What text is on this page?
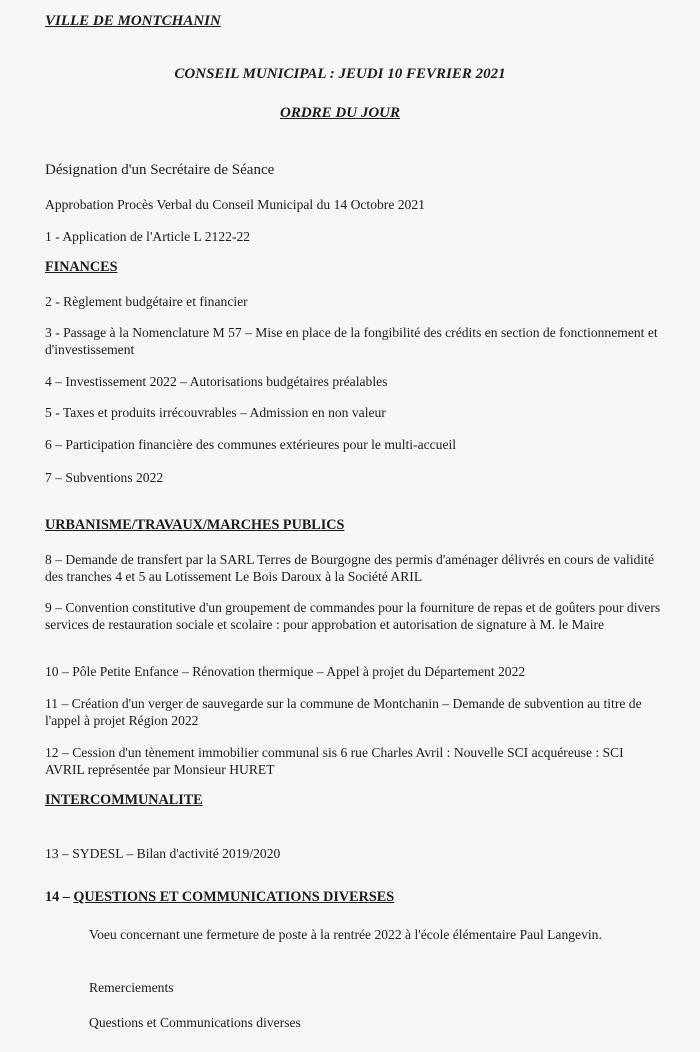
VILLE DE MONTCHANIN
CONSEIL MUNICIPAL : JEUDI 10 FEVRIER 2021
ORDRE DU JOUR
Désignation d'un Secrétaire de Séance
Approbation Procès Verbal du Conseil Municipal du 14 Octobre 2021
1 - Application de l'Article L 2122-22
FINANCES
2 - Règlement budgétaire et financier
3 - Passage à la Nomenclature M 57 – Mise en place de la fongibilité des crédits en section de fonctionnement et d'investissement
4 – Investissement 2022 – Autorisations budgétaires préalables
5 - Taxes et produits irrécouvrables – Admission en non valeur
6 – Participation financière des communes extérieures pour le multi-accueil
7 – Subventions 2022
URBANISME/TRAVAUX/MARCHES PUBLICS
8 – Demande de transfert par la SARL Terres de Bourgogne des permis d'aménager délivrés en cours de validité des tranches 4 et 5 au Lotissement Le Bois Daroux à la Société ARIL
9 – Convention constitutive d'un groupement de commandes pour la fourniture de repas et de goûters pour divers services de restauration sociale et scolaire : pour approbation et autorisation de signature à M. le Maire
10 – Pôle Petite Enfance – Rénovation thermique – Appel à projet du Département 2022
11 – Création d'un verger de sauvegarde sur la commune de Montchanin – Demande de subvention au titre de l'appel à projet Région 2022
12 – Cession d'un tènement immobilier communal sis 6 rue Charles Avril : Nouvelle SCI acquéreuse : SCI AVRIL représentée par Monsieur HURET
INTERCOMMUNALITE
13 – SYDESL – Bilan d'activité 2019/2020
14 – QUESTIONS ET COMMUNICATIONS DIVERSES
Voeu concernant une fermeture de poste à la rentrée 2022 à l'école élémentaire Paul Langevin.
Remerciements
Questions et Communications diverses
